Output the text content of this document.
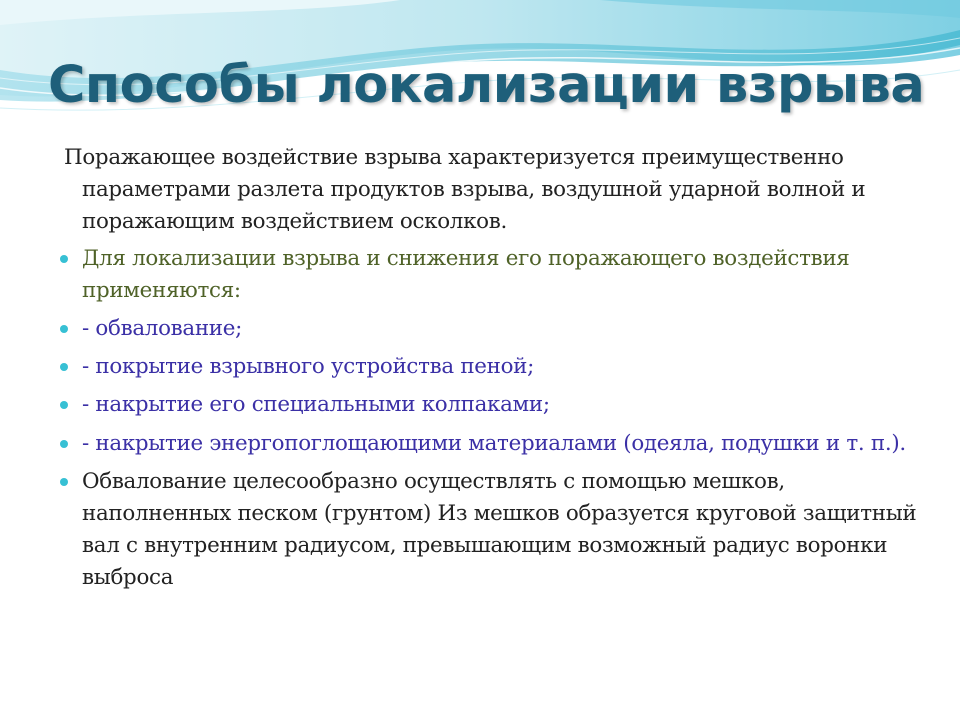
Способы локализации взрыва

Поражающее воздействие взрыва характеризуется преимущественно параметрами разлета продуктов взрыва, воздушной ударной волной и поражающим воздействием осколков.

Для локализации взрыва и снижения его поражающего воздействия применяются:
- обвалование;
- покрытие взрывного устройства пеной;
- накрытие его специальными колпаками;
- накрытие энергопоглощающими материалами (одеяла, подушки и т. п.).
Обвалование целесообразно осуществлять с помощью мешков, наполненных песком (грунтом) Из мешков образуется круговой защитный вал с внутренним радиусом, превышающим возможный радиус воронки выброса
